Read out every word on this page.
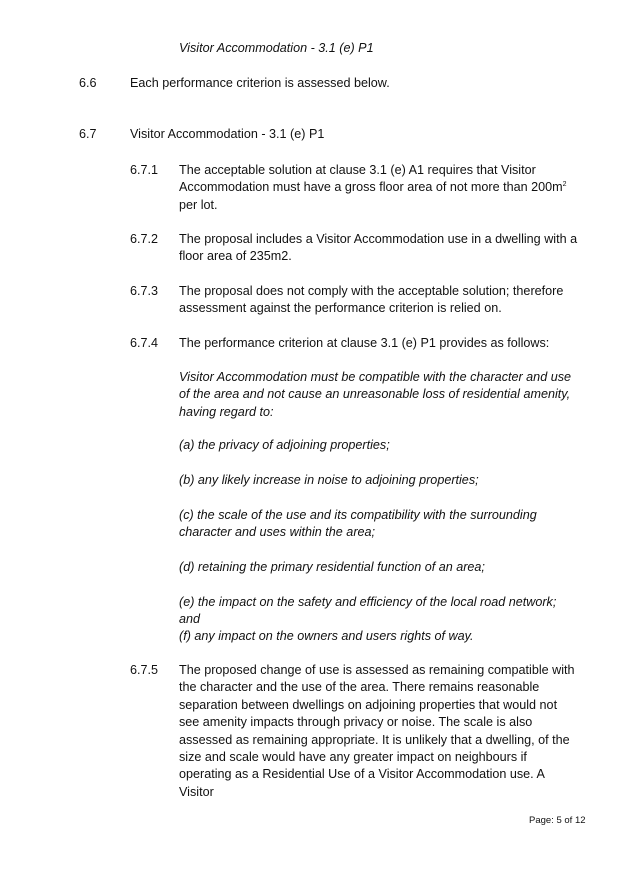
Visitor Accommodation - 3.1 (e) P1
6.6	Each performance criterion is assessed below.
6.7	Visitor Accommodation - 3.1 (e) P1
6.7.1 The acceptable solution at clause 3.1 (e) A1 requires that Visitor Accommodation must have a gross floor area of not more than $200m^2$ per lot.
6.7.2 The proposal includes a Visitor Accommodation use in a dwelling with a floor area of 235m2.
6.7.3 The proposal does not comply with the acceptable solution; therefore assessment against the performance criterion is relied on.
6.7.4 The performance criterion at clause 3.1 (e) P1 provides as follows:
Visitor Accommodation must be compatible with the character and use of the area and not cause an unreasonable loss of residential amenity, having regard to:
(a) the privacy of adjoining properties;
(b) any likely increase in noise to adjoining properties;
(c) the scale of the use and its compatibility with the surrounding character and uses within the area;
(d) retaining the primary residential function of an area;
(e) the impact on the safety and efficiency of the local road network; and
(f) any impact on the owners and users rights of way.
6.7.5 The proposed change of use is assessed as remaining compatible with the character and the use of the area. There remains reasonable separation between dwellings on adjoining properties that would not see amenity impacts through privacy or noise. The scale is also assessed as remaining appropriate. It is unlikely that a dwelling, of the size and scale would have any greater impact on neighbours if operating as a Residential Use of a Visitor Accommodation use. A Visitor
Page: 5 of 12
